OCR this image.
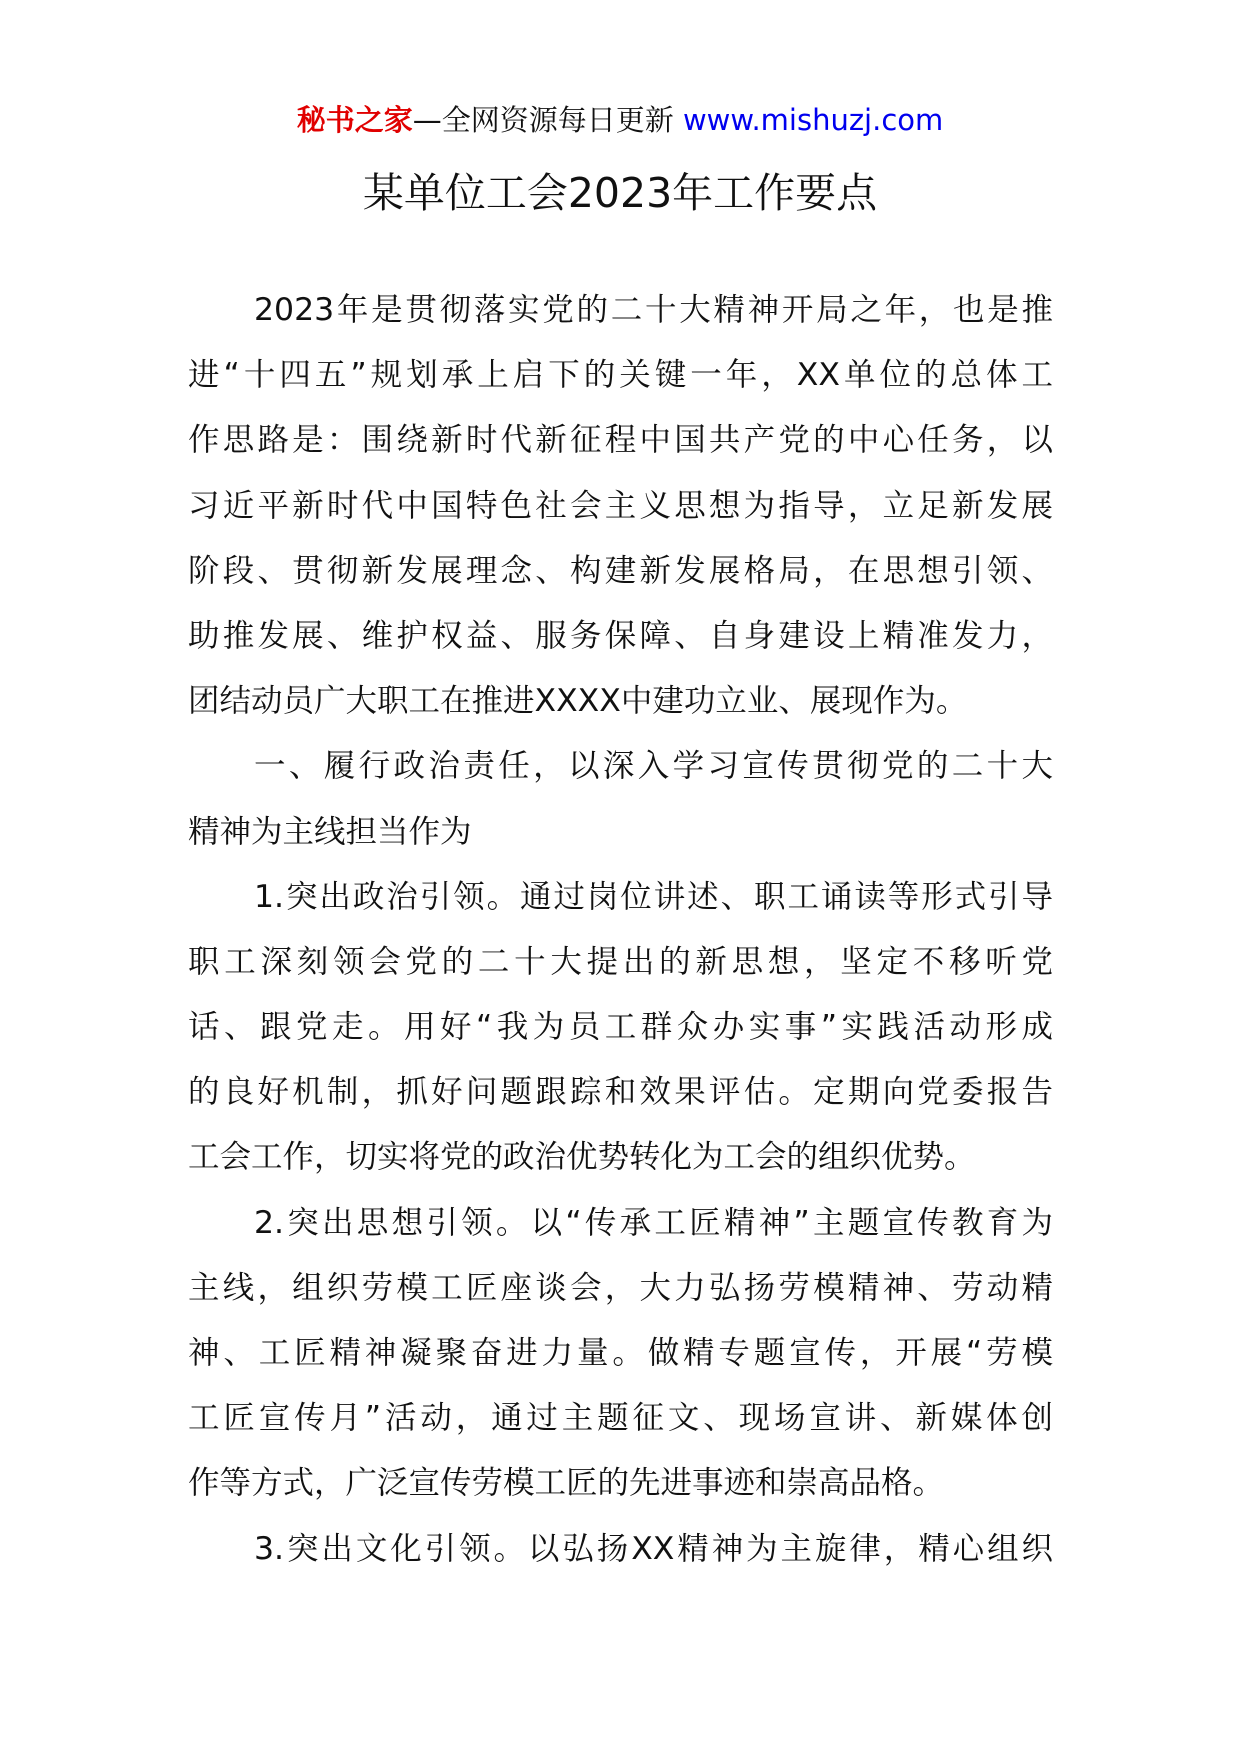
秘书之家—全网资源每日更新 www.mishuzj.com
某单位工会2023年工作要点
2023年是贯彻落实党的二十大精神开局之年，也是推
进“十四五”规划承上启下的关键一年，XX单位的总体工
作思路是：围绕新时代新征程中国共产党的中心任务，以
习近平新时代中国特色社会主义思想为指导，立足新发展
阶段、贯彻新发展理念、构建新发展格局，在思想引领、
助推发展、维护权益、服务保障、自身建设上精准发力，
团结动员广大职工在推进XXXX中建功立业、展现作为。
一、履行政治责任，以深入学习宣传贯彻党的二十大
精神为主线担当作为
1.突出政治引领。通过岗位讲述、职工诵读等形式引导
职工深刻领会党的二十大提出的新思想，坚定不移听党
话、跟党走。用好“我为员工群众办实事”实践活动形成
的良好机制，抓好问题跟踪和效果评估。定期向党委报告
工会工作，切实将党的政治优势转化为工会的组织优势。
2.突出思想引领。以“传承工匠精神”主题宣传教育为
主线，组织劳模工匠座谈会，大力弘扬劳模精神、劳动精
神、工匠精神凝聚奋进力量。做精专题宣传，开展“劳模
工匠宣传月”活动，通过主题征文、现场宣讲、新媒体创
作等方式，广泛宣传劳模工匠的先进事迹和崇高品格。
3.突出文化引领。以弘扬XX精神为主旋律，精心组织
